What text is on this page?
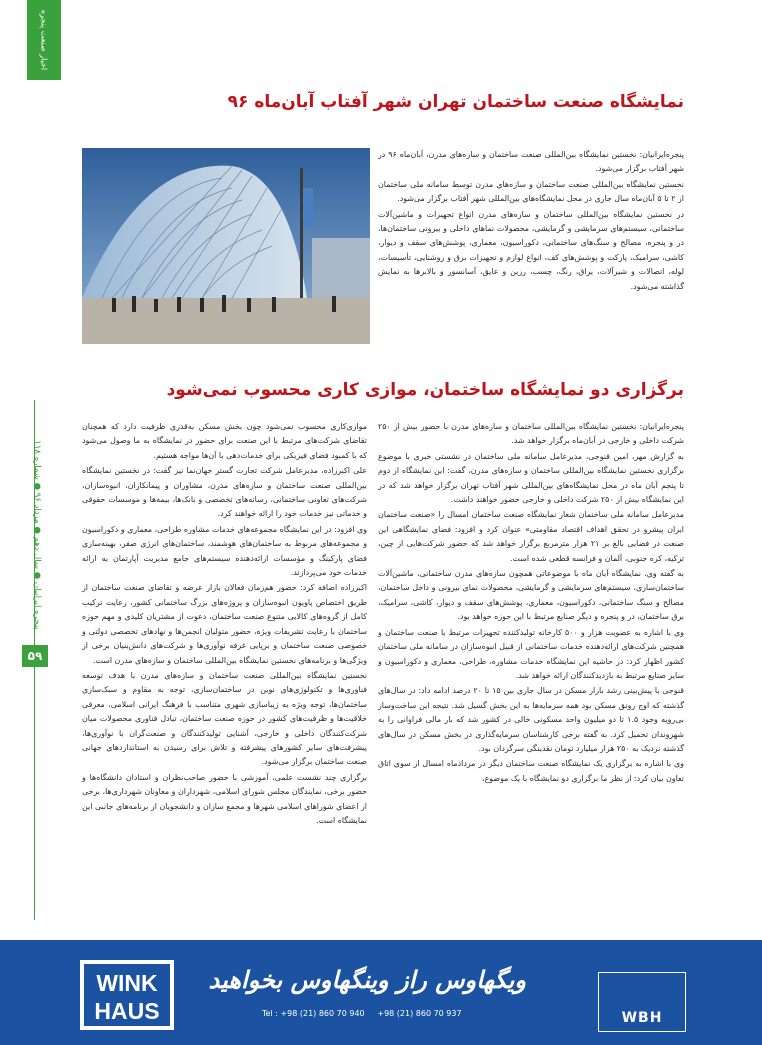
اخبار صنعت پنجره
پنجره ایرانیان ● سال دهم ● مرداد ۹۶ ● شماره ۱۱۸
۵۹
نمایشگاه صنعت ساختمان تهران شهر آفتاب آبان‌ماه ۹۶

پنجره‌ایرانیان: نخستین نمایشگاه بین‌المللی صنعت ساختمان و سازه‌های مدرن، آبان‌ماه ۹۶ در شهر آفتاب برگزار می‌شود.

نخستین نمایشگاه بین‌المللی صنعت ساختمان و سازه‌های مدرن توسط سامانه ملی ساختمان از ۲ تا ۵ آبان‌ماه سال جاری در محل نمایشگاه‌های بین‌المللی شهر آفتاب برگزار می‌شود.

در نخستین نمایشگاه بین‌المللی ساختمان و سازه‌های مدرن انواع تجهیزات و ماشین‌آلات ساختمانی، سیستم‌های سرمایشی و گرمایشی، محصولات نماهای داخلی و بیرونی ساختمان‌ها، در و پنجره، مصالح و سنگ‌های ساختمانی، دکوراسیون، معماری، پوشش‌های سقف و دیوار، کاشی، سرامیک، پارکت و پوشش‌های کف، انواع لوازم و تجهیزات برق و روشنایی، تأسیسات، لوله، اتصالات و شیرآلات، یراق، رنگ، چسب، رزین و عایق، آسانسور و بالابرها به نمایش گذاشته می‌شود.

برگزاری دو نمایشگاه ساختمان، موازی کاری محسوب نمی‌شود

پنجره‌ایرانیان: نخستین نمایشگاه بین‌المللی ساختمان و سازه‌های مدرن با حضور بیش از ۲۵۰ شرکت داخلی و خارجی در آبان‌ماه برگزار خواهد شد.

به گزارش مهر، امین قنوجی، مدیرعامل سامانه ملی ساختمان در نشستی خبری با موضوع برگزاری نخستین نمایشگاه بین‌المللی ساختمان و سازه‌های مدرن، گفت: این نمایشگاه از دوم تا پنجم آبان ماه در محل نمایشگاه‌های بین‌المللی شهر آفتاب تهران برگزار خواهد شد که در این نمایشگاه بیش از ۲۵۰ شرکت داخلی و خارجی حضور خواهند داشت.

مدیرعامل سامانه ملی ساختمان شعار نمایشگاه صنعت ساختمان امسال را «صنعت ساختمان ایران پیشرو در تحقق اهداف اقتصاد مقاومتی» عنوان کرد و افزود: فضای نمایشگاهی این صنعت در فضایی بالغ بر ۲۱ هزار مترمربع برگزار خواهد شد که حضور شرکت‌هایی از چین، ترکیه، کره جنوبی، آلمان و فرانسه قطعی شده است.

به گفته وی، نمایشگاه آبان ماه با موضوعاتی همچون سازه‌های مدرن ساختمانی، ماشین‌آلات ساختمان‌سازی، سیستم‌های سرمایشی و گرمایشی، محصولات نمای بیرونی و داخل ساختمان، مصالح و سنگ ساختمانی، دکوراسیون، معماری، پوشش‌های سقف و دیوار، کاشی، سرامیک، برق ساختمان، در و پنجره و دیگر صنایع مرتبط با این حوزه خواهد بود.

وی با اشاره به عضویت هزار و ۵۰۰ کارخانه تولیدکننده تجهیزات مرتبط با صنعت ساختمان و همچنین شرکت‌های ارائه‌دهنده خدمات ساختمانی از قبیل انبوه‌سازان در سامانه ملی ساختمان کشور اظهار کرد: در حاشیه این نمایشگاه خدمات مشاوره، طراحی، معماری و دکوراسیون و سایر صنایع مرتبط به بازدیدکنندگان ارائه خواهد شد.

قنوجی با پیش‌بینی رشد بازار مسکن در سال جاری بین ۱۵ تا ۲۰ درصد ادامه داد: در سال‌های گذشته که اوج رونق مسکن بود همه سرمایه‌ها به این بخش گسیل شد. نتیجه این ساخت‌وساز بی‌رویه وجود ۱.۵ تا دو میلیون واحد مسکونی خالی در کشور شد که بار مالی فراوانی را به شهروندان تحمیل کرد. به گفته برخی کارشناسان سرمایه‌گذاری در بخش مسکن در سال‌های گذشته نزدیک به ۲۵۰ هزار میلیارد تومان نقدینگی سرگردان بود.

وی با اشاره به برگزاری یک نمایشگاه صنعت ساختمان دیگر در مردادماه امسال از سوی اتاق تعاون بیان کرد: از نظر ما برگزاری دو نمایشگاه با یک موضوع،

موازی‌کاری محسوب نمی‌شود چون بخش مسکن به‌قدری ظرفیت دارد که همچنان تقاضای شرکت‌های مرتبط با این صنعت برای حضور در نمایشگاه به ما وصول می‌شود که با کمبود فضای فیزیکی برای خدمات‌دهی با آن‌ها مواجه هستیم.

علی اکبرزاده، مدیرعامل شرکت تجارت گستر جهان‌نما نیز گفت: در نخستین نمایشگاه بین‌المللی صنعت ساختمان و سازه‌های مدرن، مشاوران و پیمانکاران، انبوه‌سازان، شرکت‌های تعاونی ساختمانی، رسانه‌های تخصصی و بانک‌ها، بیمه‌ها و موسسات حقوقی و خدماتی نیز خدمات خود را ارائه خواهند کرد.

وی افزود: در این نمایشگاه مجموعه‌های خدمات مشاوره طراحی، معماری و دکوراسیون و مجموعه‌های مربوط به ساختمان‌های هوشمند، ساختمان‌های انرژی صفر، بهینه‌سازی فضای پارکینگ و مؤسسات ارائه‌دهنده سیستم‌های جامع مدیریت آپارتمان به ارائه خدمات خود می‌پردازند.

اکبرزاده اضافه کرد: حضور هم‌زمان فعالان بازار عرضه و تقاضای صنعت ساختمان از طریق اختصاص پاویون انبوه‌سازان و پروژه‌های بزرگ ساختمانی کشور، رعایت ترکیب کامل از گروه‌های کالایی متنوع صنعت ساختمان، دعوت از مشتریان کلیدی و مهم حوزه ساختمان با رعایت تشریفات ویژه، حضور متولیان انجمن‌ها و نهادهای تخصصی دولتی و خصوصی صنعت ساختمان و برپایی غرفه نوآوری‌ها و شرکت‌های دانش‌بنیان برخی از ویژگی‌ها و برنامه‌های نخستین نمایشگاه بین‌المللی ساختمان و سازه‌های مدرن است.

نخستین نمایشگاه بین‌المللی صنعت ساختمان و سازه‌های مدرن با هدف توسعه فناوری‌ها و تکنولوژی‌های نوین در ساختمان‌سازی، توجه به مقاوم و سبک‌سازی ساختمان‌ها، توجه ویژه به زیباسازی شهری متناسب با فرهنگ ایرانی اسلامی، معرفی خلاقیت‌ها و ظرفیت‌های کشور در حوزه صنعت ساختمان، تبادل فناوری محصولات میان شرکت‌کنندگان داخلی و خارجی، آشنایی تولیدکنندگان و صنعت‌گران با نوآوری‌ها، پیشرفت‌های سایر کشورهای پیشرفته و تلاش برای رسیدن به استانداردهای جهانی صنعت ساختمان برگزار می‌شود.

برگزاری چند نشست علمی، آموزشی با حضور صاحب‌نظران و استادان دانشگاه‌ها و حضور برخی، نمایندگان مجلس شورای اسلامی، شهرداران و معاونان شهرداری‌ها، برخی از اعضای شوراهای اسلامی شهرها و مجمع سازان و دانشجویان از برنامه‌های جانبی این نمایشگاه است.

WINK
HAUS
ویگهاوس راز وینگهاوس بخواهید
Tel : +98 (21) 860 70 940 +98 (21) 860 70 937	WBH
